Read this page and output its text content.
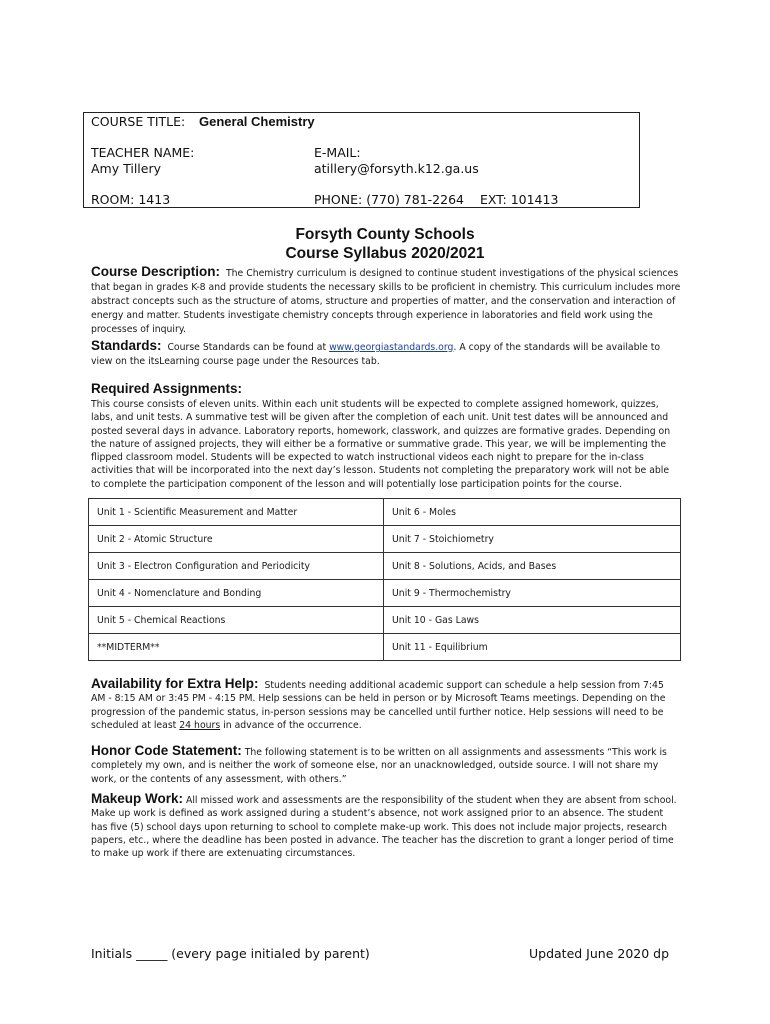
COURSE TITLE: General Chemistry
TEACHER NAME:
Amy Tillery
E-MAIL:
atillery@forsyth.k12.ga.us
ROOM: 1413	PHONE: (770) 781-2264 EXT: 101413
Forsyth County Schools
Course Syllabus 2020/2021
Course Description: The Chemistry curriculum is designed to continue student investigations of the physical sciences that began in grades K-8 and provide students the necessary skills to be proficient in chemistry. This curriculum includes more abstract concepts such as the structure of atoms, structure and properties of matter, and the conservation and interaction of energy and matter. Students investigate chemistry concepts through experience in laboratories and field work using the processes of inquiry.
Standards: Course Standards can be found at www.georgiastandards.org. A copy of the standards will be available to view on the itsLearning course page under the Resources tab.
Required Assignments:
This course consists of eleven units. Within each unit students will be expected to complete assigned homework, quizzes, labs, and unit tests. A summative test will be given after the completion of each unit. Unit test dates will be announced and posted several days in advance. Laboratory reports, homework, classwork, and quizzes are formative grades. Depending on the nature of assigned projects, they will either be a formative or summative grade. This year, we will be implementing the flipped classroom model. Students will be expected to watch instructional videos each night to prepare for the in-class activities that will be incorporated into the next day’s lesson. Students not completing the preparatory work will not be able to complete the participation component of the lesson and will potentially lose participation points for the course.
Unit 1 - Scientific Measurement and Matter	Unit 6 - Moles
Unit 2 - Atomic Structure	Unit 7 - Stoichiometry
Unit 3 - Electron Configuration and Periodicity	Unit 8 - Solutions, Acids, and Bases
Unit 4 - Nomenclature and Bonding	Unit 9 - Thermochemistry
Unit 5 - Chemical Reactions	Unit 10 - Gas Laws
**MIDTERM**	Unit 11 - Equilibrium
Availability for Extra Help: Students needing additional academic support can schedule a help session from 7:45 AM - 8:15 AM or 3:45 PM - 4:15 PM. Help sessions can be held in person or by Microsoft Teams meetings. Depending on the progression of the pandemic status, in-person sessions may be cancelled until further notice. Help sessions will need to be scheduled at least 24 hours in advance of the occurrence.
Honor Code Statement: The following statement is to be written on all assignments and assessments “This work is completely my own, and is neither the work of someone else, nor an unacknowledged, outside source. I will not share my work, or the contents of any assessment, with others.”
Makeup Work: All missed work and assessments are the responsibility of the student when they are absent from school. Make up work is defined as work assigned during a student’s absence, not work assigned prior to an absence. The student has five (5) school days upon returning to school to complete make-up work. This does not include major projects, research papers, etc., where the deadline has been posted in advance. The teacher has the discretion to grant a longer period of time to make up work if there are extenuating circumstances.
Initials _____ (every page initialed by parent)	Updated June 2020 dp
